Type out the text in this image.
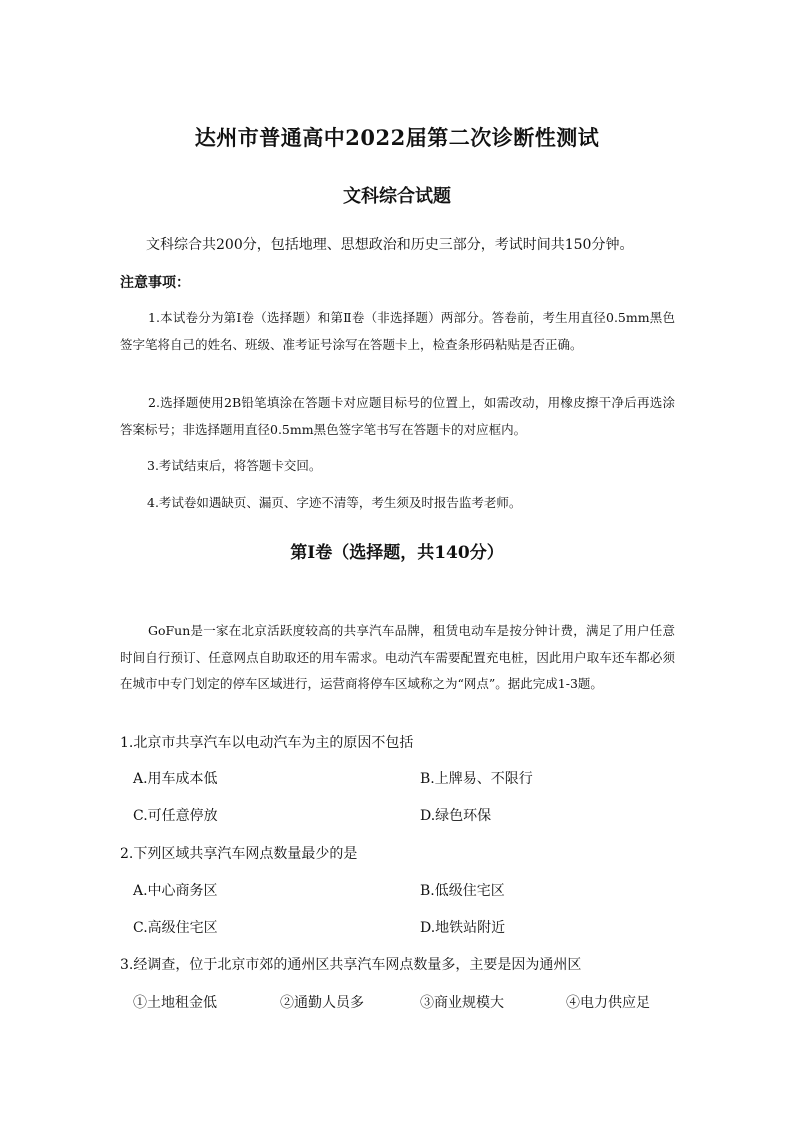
达州市普通高中2022届第二次诊断性测试
文科综合试题
文科综合共200分，包括地理、思想政治和历史三部分，考试时间共150分钟。
注意事项：
1.本试卷分为第Ⅰ卷（选择题）和第Ⅱ卷（非选择题）两部分。答卷前，考生用直径0.5mm黑色签字笔将自己的姓名、班级、准考证号涂写在答题卡上，检查条形码粘贴是否正确。
2.选择题使用2B铅笔填涂在答题卡对应题目标号的位置上，如需改动，用橡皮擦干净后再选涂答案标号；非选择题用直径0.5mm黑色签字笔书写在答题卡的对应框内。
3.考试结束后，将答题卡交回。
4.考试卷如遇缺页、漏页、字迹不清等，考生须及时报告监考老师。
第Ⅰ卷（选择题，共140分）
GoFun是一家在北京活跃度较高的共享汽车品牌，租赁电动车是按分钟计费，满足了用户任意时间自行预订、任意网点自助取还的用车需求。电动汽车需要配置充电桩，因此用户取车还车都必须在城市中专门划定的停车区域进行，运营商将停车区域称之为“网点”。据此完成1-3题。
1.北京市共享汽车以电动汽车为主的原因不包括
A.用车成本低	B.上牌易、不限行
C.可任意停放	D.绿色环保
2.下列区域共享汽车网点数量最少的是
A.中心商务区	B.低级住宅区
C.高级住宅区	D.地铁站附近
3.经调查，位于北京市郊的通州区共享汽车网点数量多，主要是因为通州区
①土地租金低	②通勤人员多	③商业规模大	④电力供应足
